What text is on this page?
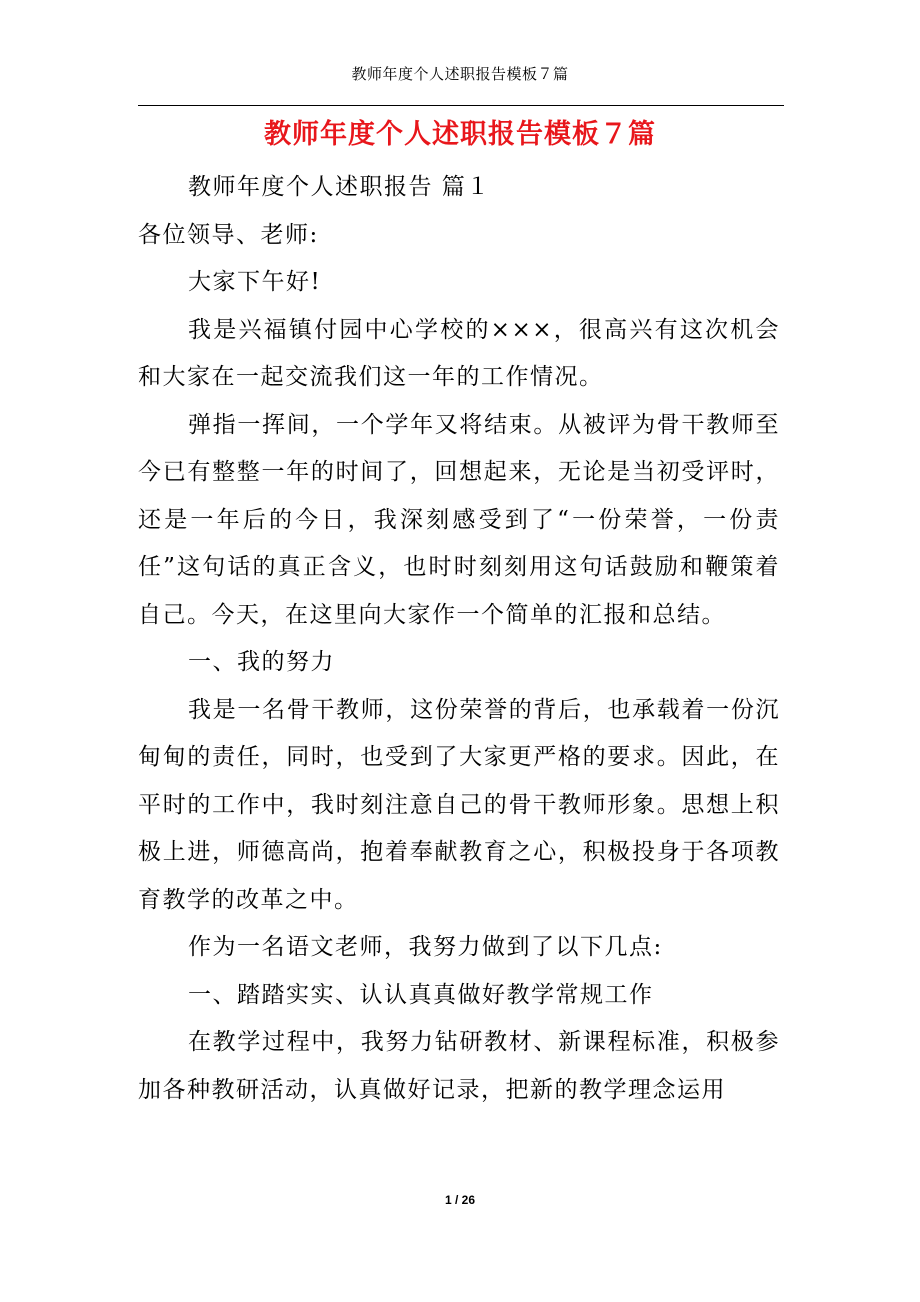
教师年度个人述职报告模板７篇
教师年度个人述职报告模板７篇

教师年度个人述职报告 篇１

各位领导、老师:

大家下午好!

我是兴福镇付园中心学校的×××，很高兴有这次机会和大家在一起交流我们这一年的工作情况。

弹指一挥间，一个学年又将结束。从被评为骨干教师至今已有整整一年的时间了，回想起来，无论是当初受评时，还是一年后的今日，我深刻感受到了“一份荣誉，一份责任”这句话的真正含义，也时时刻刻用这句话鼓励和鞭策着自己。今天，在这里向大家作一个简单的汇报和总结。

一、我的努力

我是一名骨干教师，这份荣誉的背后，也承载着一份沉甸甸的责任，同时，也受到了大家更严格的要求。因此，在平时的工作中，我时刻注意自己的骨干教师形象。思想上积极上进，师德高尚，抱着奉献教育之心，积极投身于各项教育教学的改革之中。

作为一名语文老师，我努力做到了以下几点:

一、踏踏实实、认认真真做好教学常规工作

在教学过程中，我努力钻研教材、新课程标准，积极参加各种教研活动，认真做好记录，把新的教学理念运用

1 / 26
